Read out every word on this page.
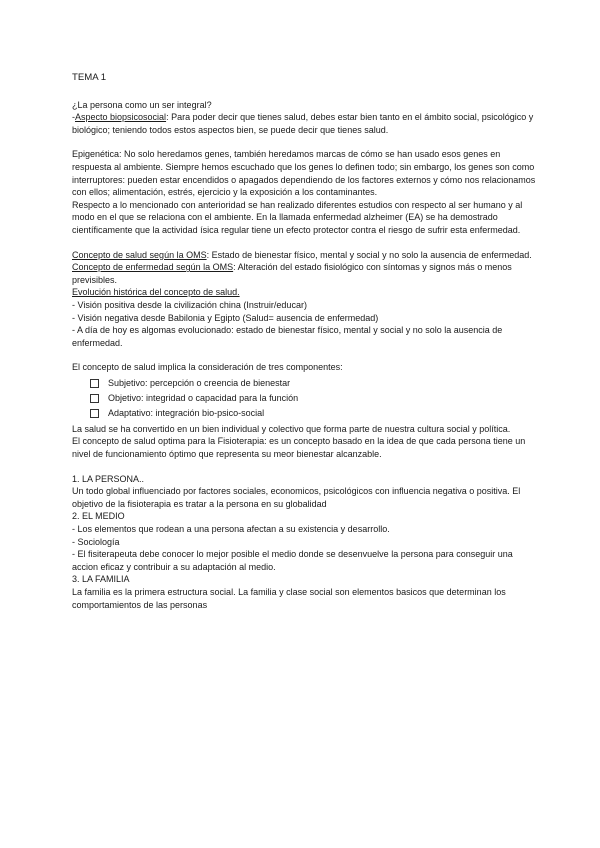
TEMA 1

¿La persona como un ser integral?

-Aspecto biopsicosocial: Para poder decir que tienes salud, debes estar bien tanto en el ámbito social, psicológico y biológico; teniendo todos estos aspectos bien, se puede decir que tienes salud.

Epigenética: No solo heredamos genes, también heredamos marcas de cómo se han usado esos genes en respuesta al ambiente. Siempre hemos escuchado que los genes lo definen todo; sin embargo, los genes son como interruptores: pueden estar encendidos o apagados dependiendo de los factores externos y cómo nos relacionamos con ellos; alimentación, estrés, ejercicio y la exposición a los contaminantes.

Respecto a lo mencionado con anterioridad se han realizado diferentes estudios con respecto al ser humano y al modo en el que se relaciona con el ambiente. En la llamada enfermedad alzheimer (EA) se ha demostrado científicamente que la actividad ísica regular tiene un efecto protector contra el riesgo de sufrir esta enfermedad.

Concepto de salud según la OMS: Estado de bienestar físico, mental y social y no solo la ausencia de enfermedad.

Concepto de enfermedad según la OMS: Alteración del estado fisiológico con síntomas y signos más o menos previsibles.

Evolución histórica del concepto de salud.

- Visión positiva desde la civilización china (Instruir/educar)

- Visión negativa desde Babilonia y Egipto (Salud= ausencia de enfermedad)

- A día de hoy es algomas evolucionado: estado de bienestar físico, mental y social y no solo la ausencia de enfermedad.

El concepto de salud implica la consideración de tres componentes:

Subjetivo: percepción o creencia de bienestar
Objetivo: integridad o capacidad para la función
Adaptativo: integración bio-psico-social

La salud se ha convertido en un bien individual y colectivo que forma parte de nuestra cultura social y política.

El concepto de salud optima para la Fisioterapia: es un concepto basado en la idea de que cada persona tiene un nivel de funcionamiento óptimo que representa su meor bienestar alcanzable.

1. LA PERSONA..

Un todo global influenciado por factores sociales, economicos, psicológicos con influencia negativa o positiva. El objetivo de la fisioterapia es tratar a la persona en su globalidad

2. EL MEDIO

- Los elementos que rodean a una persona afectan a su existencia y desarrollo.

- Sociología

- El fisiterapeuta debe conocer lo mejor posible el medio donde se desenvuelve la persona para conseguir una accion eficaz y contribuir a su adaptación al medio.

3. LA FAMILIA

La familia es la primera estructura social. La familia y clase social son elementos basicos que determinan los comportamientos de las personas
